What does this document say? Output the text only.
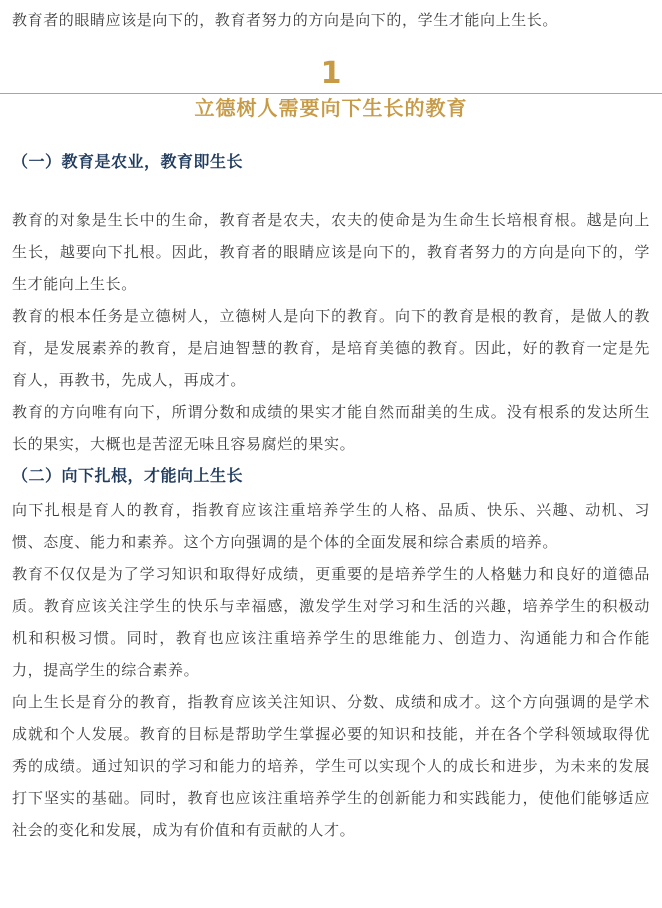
教育者的眼睛应该是向下的，教育者努力的方向是向下的，学生才能向上生长。

1
立德树人需要向下生长的教育
（一）教育是农业，教育即生长

教育的对象是生长中的生命，教育者是农夫，农夫的使命是为生命生长培根育根。越是向上生长，越要向下扎根。因此，教育者的眼睛应该是向下的，教育者努力的方向是向下的，学生才能向上生长。

教育的根本任务是立德树人，立德树人是向下的教育。向下的教育是根的教育，是做人的教育，是发展素养的教育，是启迪智慧的教育，是培育美德的教育。因此，好的教育一定是先育人，再教书，先成人，再成才。

教育的方向唯有向下，所谓分数和成绩的果实才能自然而甜美的生成。没有根系的发达所生长的果实，大概也是苦涩无味且容易腐烂的果实。

（二）向下扎根，才能向上生长

向下扎根是育人的教育，指教育应该注重培养学生的人格、品质、快乐、兴趣、动机、习惯、态度、能力和素养。这个方向强调的是个体的全面发展和综合素质的培养。

教育不仅仅是为了学习知识和取得好成绩，更重要的是培养学生的人格魅力和良好的道德品质。教育应该关注学生的快乐与幸福感，激发学生对学习和生活的兴趣，培养学生的积极动机和积极习惯。同时，教育也应该注重培养学生的思维能力、创造力、沟通能力和合作能力，提高学生的综合素养。

向上生长是育分的教育，指教育应该关注知识、分数、成绩和成才。这个方向强调的是学术成就和个人发展。教育的目标是帮助学生掌握必要的知识和技能，并在各个学科领域取得优秀的成绩。通过知识的学习和能力的培养，学生可以实现个人的成长和进步，为未来的发展打下坚实的基础。同时，教育也应该注重培养学生的创新能力和实践能力，使他们能够适应社会的变化和发展，成为有价值和有贡献的人才。
